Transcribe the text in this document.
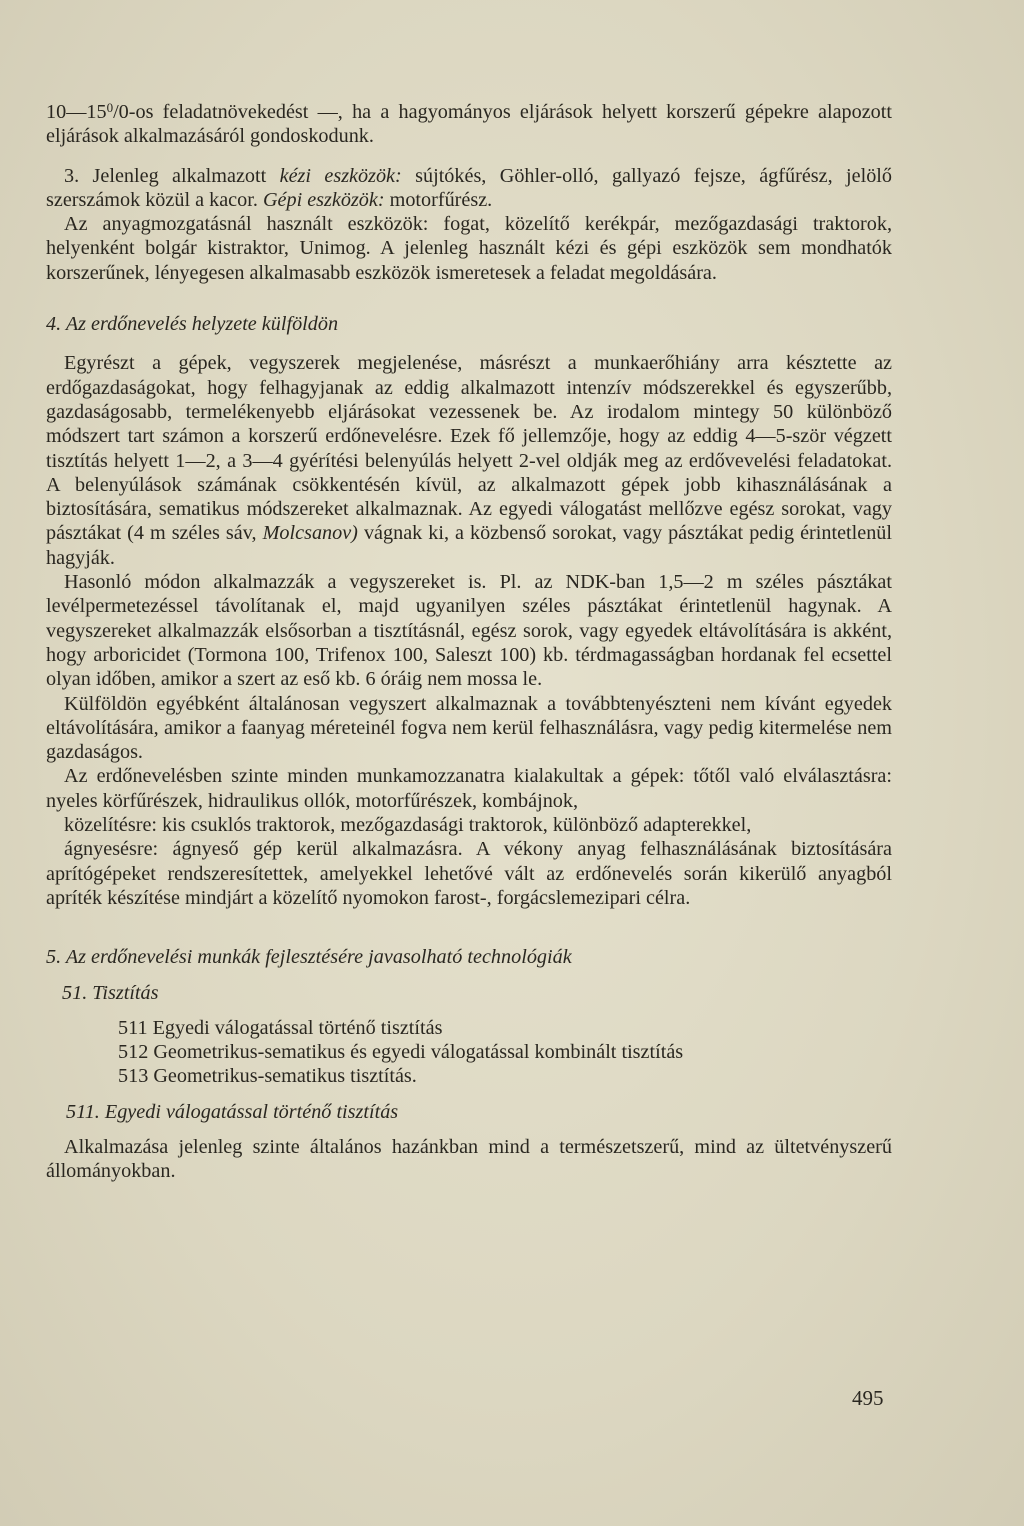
$10—15^0/0-os$ feladatnövekedést —, ha a hagyományos eljárások helyett korszerű gépekre alapozott eljárások alkalmazásáról gondoskodunk.

3. Jelenleg alkalmazott kézi eszközök: sújtókés, Göhler-olló, gallyazó fejsze, ágfűrész, jelölő szerszámok közül a kacor. Gépi eszközök: motorfűrész.

Az anyagmozgatásnál használt eszközök: fogat, közelítő kerékpár, mezőgazdasági traktorok, helyenként bolgár kistraktor, Unimog. A jelenleg használt kézi és gépi eszközök sem mondhatók korszerűnek, lényegesen alkalmasabb eszközök ismeretesek a feladat megoldására.

4. Az erdőnevelés helyzete külföldön

Egyrészt a gépek, vegyszerek megjelenése, másrészt a munkaerőhiány arra késztette az erdőgazdaságokat, hogy felhagyjanak az eddig alkalmazott intenzív módszerekkel és egyszerűbb, gazdaságosabb, termelékenyebb eljárásokat vezessenek be. Az irodalom mintegy 50 különböző módszert tart számon a korszerű erdőnevelésre. Ezek fő jellemzője, hogy az eddig 4—5-ször végzett tisztítás helyett 1—2, a 3—4 gyérítési belenyúlás helyett 2-vel oldják meg az erdővevelési feladatokat. A belenyúlások számának csökkentésén kívül, az alkalmazott gépek jobb kihasználásának a biztosítására, sematikus módszereket alkalmaznak. Az egyedi válogatást mellőzve egész sorokat, vagy pásztákat (4 m széles sáv, Molcsanov) vágnak ki, a közbenső sorokat, vagy pásztákat pedig érintetlenül hagyják.

Hasonló módon alkalmazzák a vegyszereket is. Pl. az NDK-ban 1,5—2 m széles pásztákat levélpermetezéssel távolítanak el, majd ugyanilyen széles pásztákat érintetlenül hagynak. A vegyszereket alkalmazzák elsősorban a tisztításnál, egész sorok, vagy egyedek eltávolítására is akként, hogy arboricidet (Tormona 100, Trifenox 100, Saleszt 100) kb. térdmagasságban hordanak fel ecsettel olyan időben, amikor a szert az eső kb. 6 óráig nem mossa le.

Külföldön egyébként általánosan vegyszert alkalmaznak a továbbtenyészteni nem kívánt egyedek eltávolítására, amikor a faanyag méreteinél fogva nem kerül felhasználásra, vagy pedig kitermelése nem gazdaságos.

Az erdőnevelésben szinte minden munkamozzanatra kialakultak a gépek: tőtől való elválasztásra: nyeles körfűrészek, hidraulikus ollók, motorfűrészek, kombájnok,

közelítésre: kis csuklós traktorok, mezőgazdasági traktorok, különböző adapterekkel,

ágnyesésre: ágnyeső gép kerül alkalmazásra. A vékony anyag felhasználásának biztosítására aprítógépeket rendszeresítettek, amelyekkel lehetővé vált az erdőnevelés során kikerülő anyagból apríték készítése mindjárt a közelítő nyomokon farost-, forgácslemezipari célra.

5. Az erdőnevelési munkák fejlesztésére javasolható technológiák

51. Tisztítás

511 Egyedi válogatással történő tisztítás
512 Geometrikus-sematikus és egyedi válogatással kombinált tisztítás
513 Geometrikus-sematikus tisztítás.

511. Egyedi válogatással történő tisztítás

Alkalmazása jelenleg szinte általános hazánkban mind a természetszerű, mind az ültetvényszerű állományokban.

495
